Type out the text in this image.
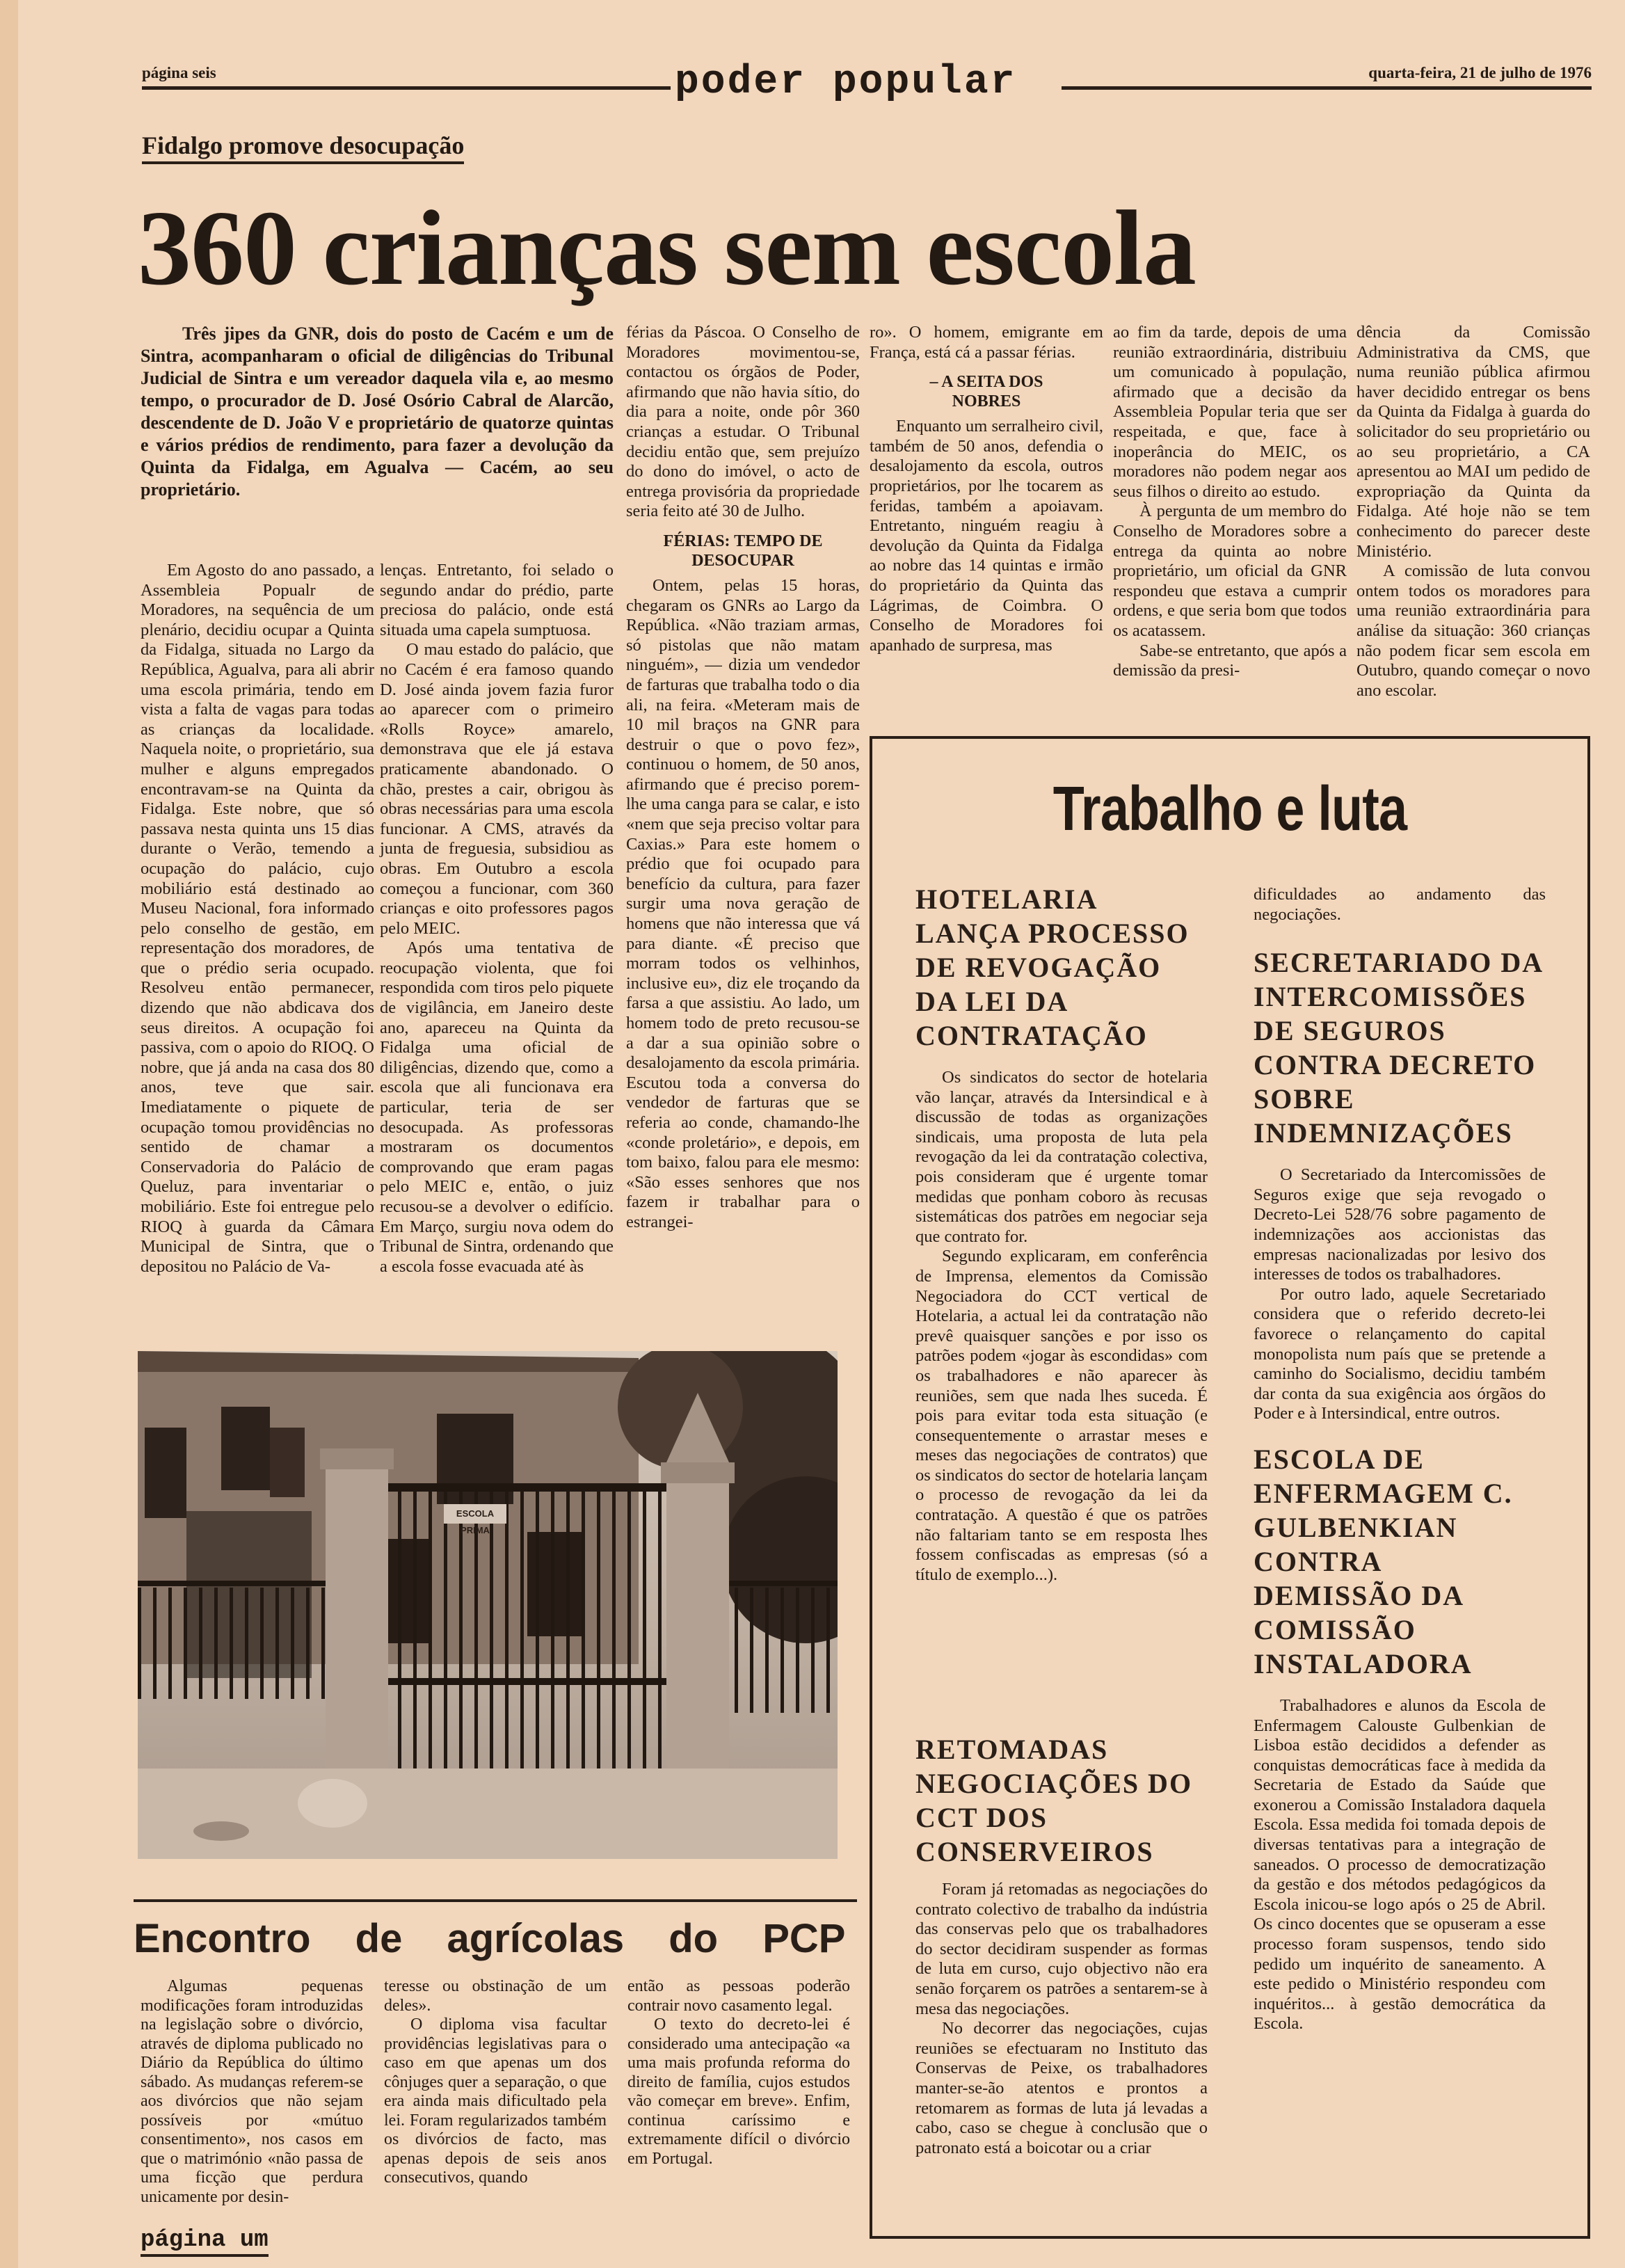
página seis	poder popular	quarta-feira, 21 de julho de 1976
Fidalgo promove desocupação
360 crianças sem escola

Três jipes da GNR, dois do posto de Cacém e um de Sintra, acompanharam o oficial de diligências do Tribunal Judicial de Sintra e um vereador daquela vila e, ao mesmo tempo, o procurador de D. José Osório Cabral de Alarcão, descendente de D. João V e proprietário de quatorze quintas e vários prédios de rendimento, para fazer a devolução da Quinta da Fidalga, em Agualva — Cacém, ao seu proprietário.

Em Agosto do ano passado, a Assembleia Popualr de Moradores, na sequência de um plenário, decidiu ocupar a Quinta da Fidalga, situada no Largo da República, Agualva, para ali abrir uma escola primária, tendo em vista a falta de vagas para todas as crianças da localidade. Naquela noite, o proprietário, sua mulher e alguns empregados encontravam-se na Quinta da Fidalga. Este nobre, que só passava nesta quinta uns 15 dias durante o Verão, temendo a ocupação do palácio, cujo mobiliário está destinado ao Museu Nacional, fora informado pelo conselho de gestão, em representação dos moradores, de que o prédio seria ocupado. Resolveu então permanecer, dizendo que não abdicava dos seus direitos. A ocupação foi passiva, com o apoio do RIOQ. O nobre, que já anda na casa dos 80 anos, teve que sair. Imediatamente o piquete de ocupação tomou providências no sentido de chamar a Conservadoria do Palácio de Queluz, para inventariar o mobiliário. Este foi entregue pelo RIOQ à guarda da Câmara Municipal de Sintra, que o depositou no Palácio de Va-

lenças. Entretanto, foi selado o segundo andar do prédio, parte preciosa do palácio, onde está situada uma capela sumptuosa.

O mau estado do palácio, que no Cacém é era famoso quando D. José ainda jovem fazia furor ao aparecer com o primeiro «Rolls Royce» amarelo, demonstrava que ele já estava praticamente abandonado. O chão, prestes a cair, obrigou às obras necessárias para uma escola funcionar. A CMS, através da junta de freguesia, subsidiou as obras. Em Outubro a escola começou a funcionar, com 360 crianças e oito professores pagos pelo MEIC.

Após uma tentativa de reocupação violenta, que foi respondida com tiros pelo piquete de vigilância, em Janeiro deste ano, apareceu na Quinta da Fidalga uma oficial de diligências, dizendo que, como a escola que ali funcionava era particular, teria de ser desocupada. As professoras mostraram os documentos comprovando que eram pagas pelo MEIC e, então, o juiz recusou-se a devolver o edifício. Em Março, surgiu nova odem do Tribunal de Sintra, ordenando que a escola fosse evacuada até às

férias da Páscoa. O Conselho de Moradores movimentou-se, contactou os órgãos de Poder, afirmando que não havia sítio, do dia para a noite, onde pôr 360 crianças a estudar. O Tribunal decidiu então que, sem prejuízo do dono do imóvel, o acto de entrega provisória da propriedade seria feito até 30 de Julho.

FÉRIAS: TEMPO DE DESOCUPAR

Ontem, pelas 15 horas, chegaram os GNRs ao Largo da República. «Não traziam armas, só pistolas que não matam ninguém», — dizia um vendedor de farturas que trabalha todo o dia ali, na feira. «Meteram mais de 10 mil braços na GNR para destruir o que o povo fez», continuou o homem, de 50 anos, afirmando que é preciso porem-lhe uma canga para se calar, e isto «nem que seja preciso voltar para Caxias.» Para este homem o prédio que foi ocupado para benefício da cultura, para fazer surgir uma nova geração de homens que não interessa que vá para diante. «É preciso que morram todos os velhinhos, inclusive eu», diz ele troçando da farsa a que assistiu. Ao lado, um homem todo de preto recusou-se a dar a sua opinião sobre o desalojamento da escola primária. Escutou toda a conversa do vendedor de farturas que se referia ao conde, chamando-lhe «conde proletário», e depois, em tom baixo, falou para ele mesmo: «São esses senhores que nos fazem ir trabalhar para o estrangei-

ro». O homem, emigrante em França, está cá a passar férias.

– A SEITA DOS NOBRES

Enquanto um serralheiro civil, também de 50 anos, defendia o desalojamento da escola, outros proprietários, por lhe tocarem as feridas, também a apoiavam. Entretanto, ninguém reagiu à devolução da Quinta da Fidalga ao nobre das 14 quintas e irmão do proprietário da Quinta das Lágrimas, de Coimbra. O Conselho de Moradores foi apanhado de surpresa, mas

ao fim da tarde, depois de uma reunião extraordinária, distribuiu um comunicado à população, afirmado que a decisão da Assembleia Popular teria que ser respeitada, e que, face à inoperância do MEIC, os moradores não podem negar aos seus filhos o direito ao estudo.

À pergunta de um membro do Conselho de Moradores sobre a entrega da quinta ao nobre proprietário, um oficial da GNR respondeu que estava a cumprir ordens, e que seria bom que todos os acatassem.

Sabe-se entretanto, que após a demissão da presi-

dência da Comissão Administrativa da CMS, que numa reunião pública afirmou haver decidido entregar os bens da Quinta da Fidalga à guarda do solicitador do seu proprietário ou ao seu proprietário, a CA apresentou ao MAI um pedido de expropriação da Quinta da Fidalga. Até hoje não se tem conhecimento do parecer deste Ministério.

A comissão de luta convou ontem todos os moradores para uma reunião extraordinária para análise da situação: 360 crianças não podem ficar sem escola em Outubro, quando começar o novo ano escolar.

ESCOLA PRIMA
Trabalho e luta
HOTELARIA LANÇA PROCESSO DE REVOGAÇÃO DA LEI DA CONTRATAÇÃO

Os sindicatos do sector de hotelaria vão lançar, através da Intersindical e à discussão de todas as organizações sindicais, uma proposta de luta pela revogação da lei da contratação colectiva, pois consideram que é urgente tomar medidas que ponham coboro às recusas sistemáticas dos patrões em negociar seja que contrato for.

Segundo explicaram, em conferência de Imprensa, elementos da Comissão Negociadora do CCT vertical de Hotelaria, a actual lei da contratação não prevê quaisquer sanções e por isso os patrões podem «jogar às escondidas» com os trabalhadores e não aparecer às reuniões, sem que nada lhes suceda. É pois para evitar toda esta situação (e consequentemente o arrastar meses e meses das negociações de contratos) que os sindicatos do sector de hotelaria lançam o processo de revogação da lei da contratação. A questão é que os patrões não faltariam tanto se em resposta lhes fossem confiscadas as empresas (só a título de exemplo...).

RETOMADAS NEGOCIAÇÕES DO CCT DOS CONSERVEIROS

Foram já retomadas as negociações do contrato colectivo de trabalho da indústria das conservas pelo que os trabalhadores do sector decidiram suspender as formas de luta em curso, cujo objectivo não era senão forçarem os patrões a sentarem-se à mesa das negociações.

No decorrer das negociações, cujas reuniões se efectuaram no Instituto das Conservas de Peixe, os trabalhadores manter-se-ão atentos e prontos a retomarem as formas de luta já levadas a cabo, caso se chegue à conclusão que o patronato está a boicotar ou a criar

dificuldades ao andamento das negociações.

SECRETARIADO DA INTERCOMISSÕES DE SEGUROS CONTRA DECRETO SOBRE INDEMNIZAÇÕES

O Secretariado da Intercomissões de Seguros exige que seja revogado o Decreto-Lei 528/76 sobre pagamento de indemnizações aos accionistas das empresas nacionalizadas por lesivo dos interesses de todos os trabalhadores.

Por outro lado, aquele Secretariado considera que o referido decreto-lei favorece o relançamento do capital monopolista num país que se pretende a caminho do Socialismo, decidiu também dar conta da sua exigência aos órgãos do Poder e à Intersindical, entre outros.

ESCOLA DE ENFERMAGEM C. GULBENKIAN CONTRA DEMISSÃO DA COMISSÃO INSTALADORA

Trabalhadores e alunos da Escola de Enfermagem Calouste Gulbenkian de Lisboa estão decididos a defender as conquistas democráticas face à medida da Secretaria de Estado da Saúde que exonerou a Comissão Instaladora daquela Escola. Essa medida foi tomada depois de diversas tentativas para a integração de saneados. O processo de democratização da gestão e dos métodos pedagógicos da Escola inicou-se logo após o 25 de Abril. Os cinco docentes que se opuseram a esse processo foram suspensos, tendo sido pedido um inquérito de saneamento. A este pedido o Ministério respondeu com inquéritos... à gestão democrática da Escola.

Encontro de agrícolas do PCP

Algumas pequenas modificações foram introduzidas na legislação sobre o divórcio, através de diploma publicado no Diário da República do último sábado. As mudanças referem-se aos divórcios que não sejam possíveis por «mútuo consentimento», nos casos em que o matrimónio «não passa de uma ficção que perdura unicamente por desin-

teresse ou obstinação de um deles».

O diploma visa facultar providências legislativas para o caso em que apenas um dos cônjuges quer a separação, o que era ainda mais dificultado pela lei. Foram regularizados também os divórcios de facto, mas apenas depois de seis anos consecutivos, quando

então as pessoas poderão contrair novo casamento legal.

O texto do decreto-lei é considerado uma antecipação «a uma mais profunda reforma do direito de família, cujos estudos vão começar em breve». Enfim, continua caríssimo e extremamente difícil o divórcio em Portugal.

página um
